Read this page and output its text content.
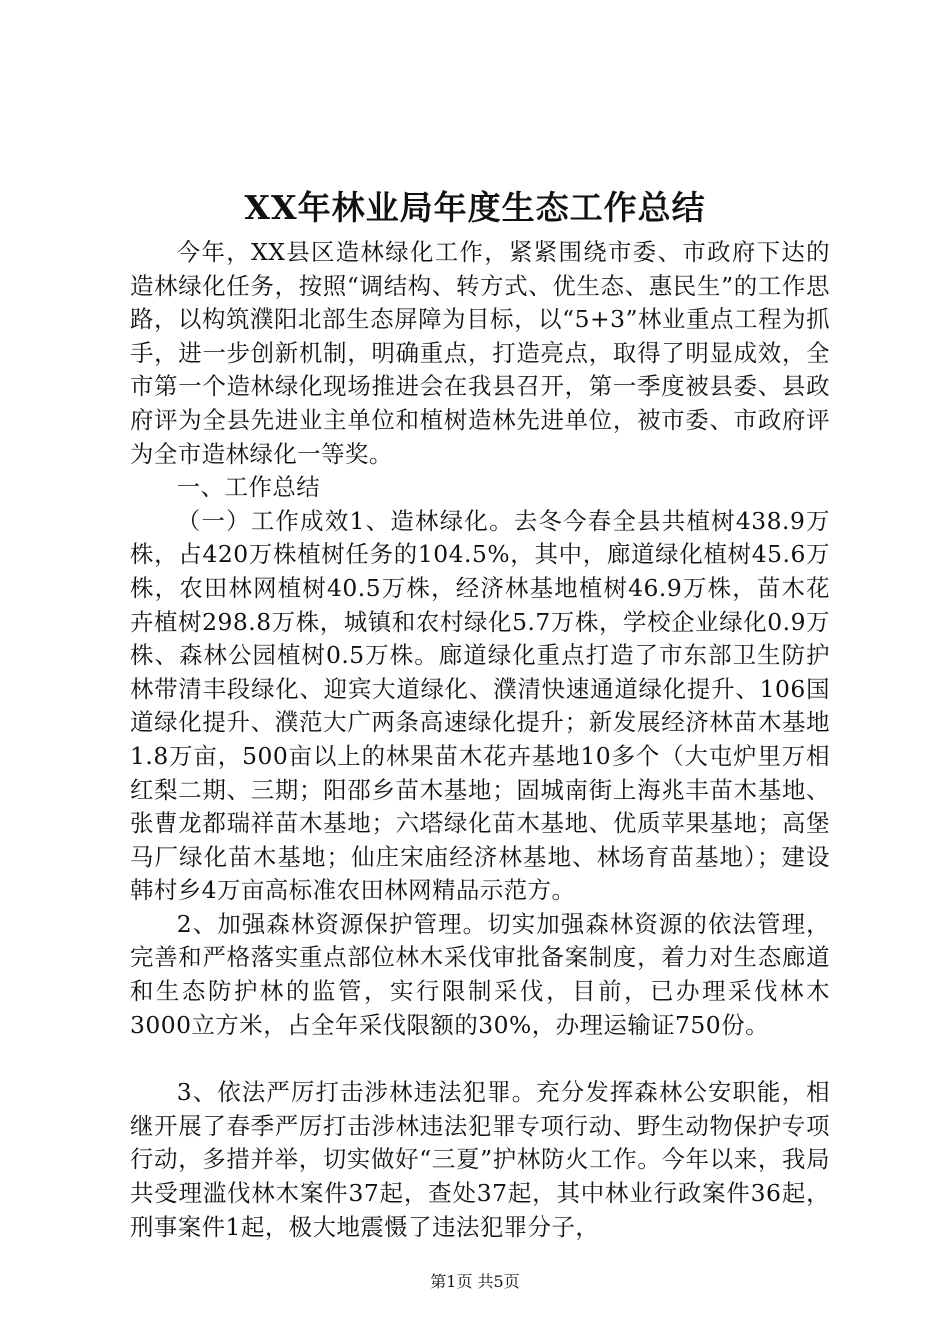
XX年林业局年度生态工作总结

今年，XX县区造林绿化工作，紧紧围绕市委、市政府下达的造林绿化任务，按照“调结构、转方式、优生态、惠民生”的工作思路，以构筑濮阳北部生态屏障为目标，以“5+3”林业重点工程为抓手，进一步创新机制，明确重点，打造亮点，取得了明显成效，全市第一个造林绿化现场推进会在我县召开，第一季度被县委、县政府评为全县先进业主单位和植树造林先进单位，被市委、市政府评为全市造林绿化一等奖。

一、工作总结

（一）工作成效1、造林绿化。去冬今春全县共植树438.9万株，占420万株植树任务的104.5%，其中，廊道绿化植树45.6万株，农田林网植树40.5万株，经济林基地植树46.9万株，苗木花卉植树298.8万株，城镇和农村绿化5.7万株，学校企业绿化0.9万株、森林公园植树0.5万株。廊道绿化重点打造了市东部卫生防护林带清丰段绿化、迎宾大道绿化、濮清快速通道绿化提升、106国道绿化提升、濮范大广两条高速绿化提升；新发展经济林苗木基地1.8万亩，500亩以上的林果苗木花卉基地10多个（大屯炉里万相红梨二期、三期；阳邵乡苗木基地；固城南街上海兆丰苗木基地、张曹龙都瑞祥苗木基地；六塔绿化苗木基地、优质苹果基地；高堡马厂绿化苗木基地；仙庄宋庙经济林基地、林场育苗基地）；建设韩村乡4万亩高标准农田林网精品示范方。

2、加强森林资源保护管理。切实加强森林资源的依法管理，完善和严格落实重点部位林木采伐审批备案制度，着力对生态廊道和生态防护林的监管，实行限制采伐，目前，已办理采伐林木3000立方米，占全年采伐限额的30%，办理运输证750份。

3、依法严厉打击涉林违法犯罪。充分发挥森林公安职能，相继开展了春季严厉打击涉林违法犯罪专项行动、野生动物保护专项行动，多措并举，切实做好“三夏”护林防火工作。今年以来，我局共受理滥伐林木案件37起，查处37起，其中林业行政案件36起，刑事案件1起，极大地震慑了违法犯罪分子，

第1页 共5页
